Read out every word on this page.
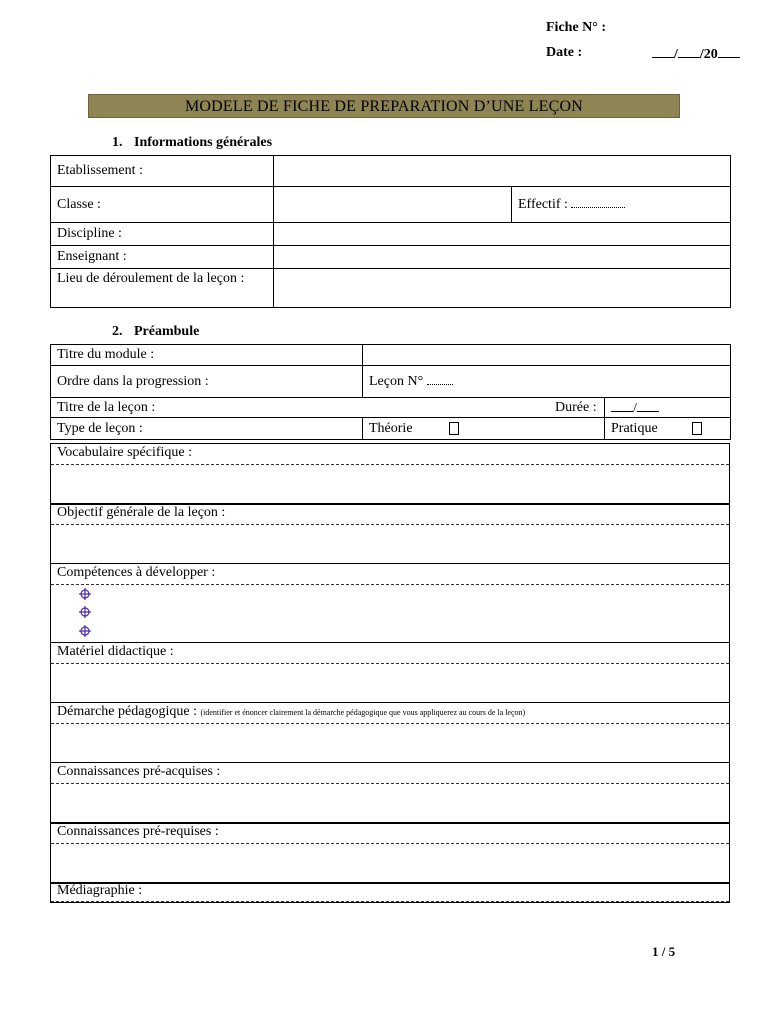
Fiche N° :
Date :	/ /20
MODELE DE FICHE DE PREPARATION D’UNE LEÇON
1. Informations générales
Etablissement :		
Classe :		Effectif :
Discipline :		
Enseignant :		
Lieu de déroulement de la leçon :		
2. Préambule
Titre du module :		
Ordre dans la progression :	Leçon N°	
Titre de la leçon : Durée :		/
Type de leçon :	Théorie	Pratique
Vocabulaire spécifique :
Objectif générale de la leçon :
Compétences à développer :
Matériel didactique :
Démarche pédagogique : (identifier et énoncer clairement la démarche pédagogique que vous appliquerez au cours de la leçon)
Connaissances pré-acquises :
Connaissances pré-requises :
Médiagraphie :
1 / 5
